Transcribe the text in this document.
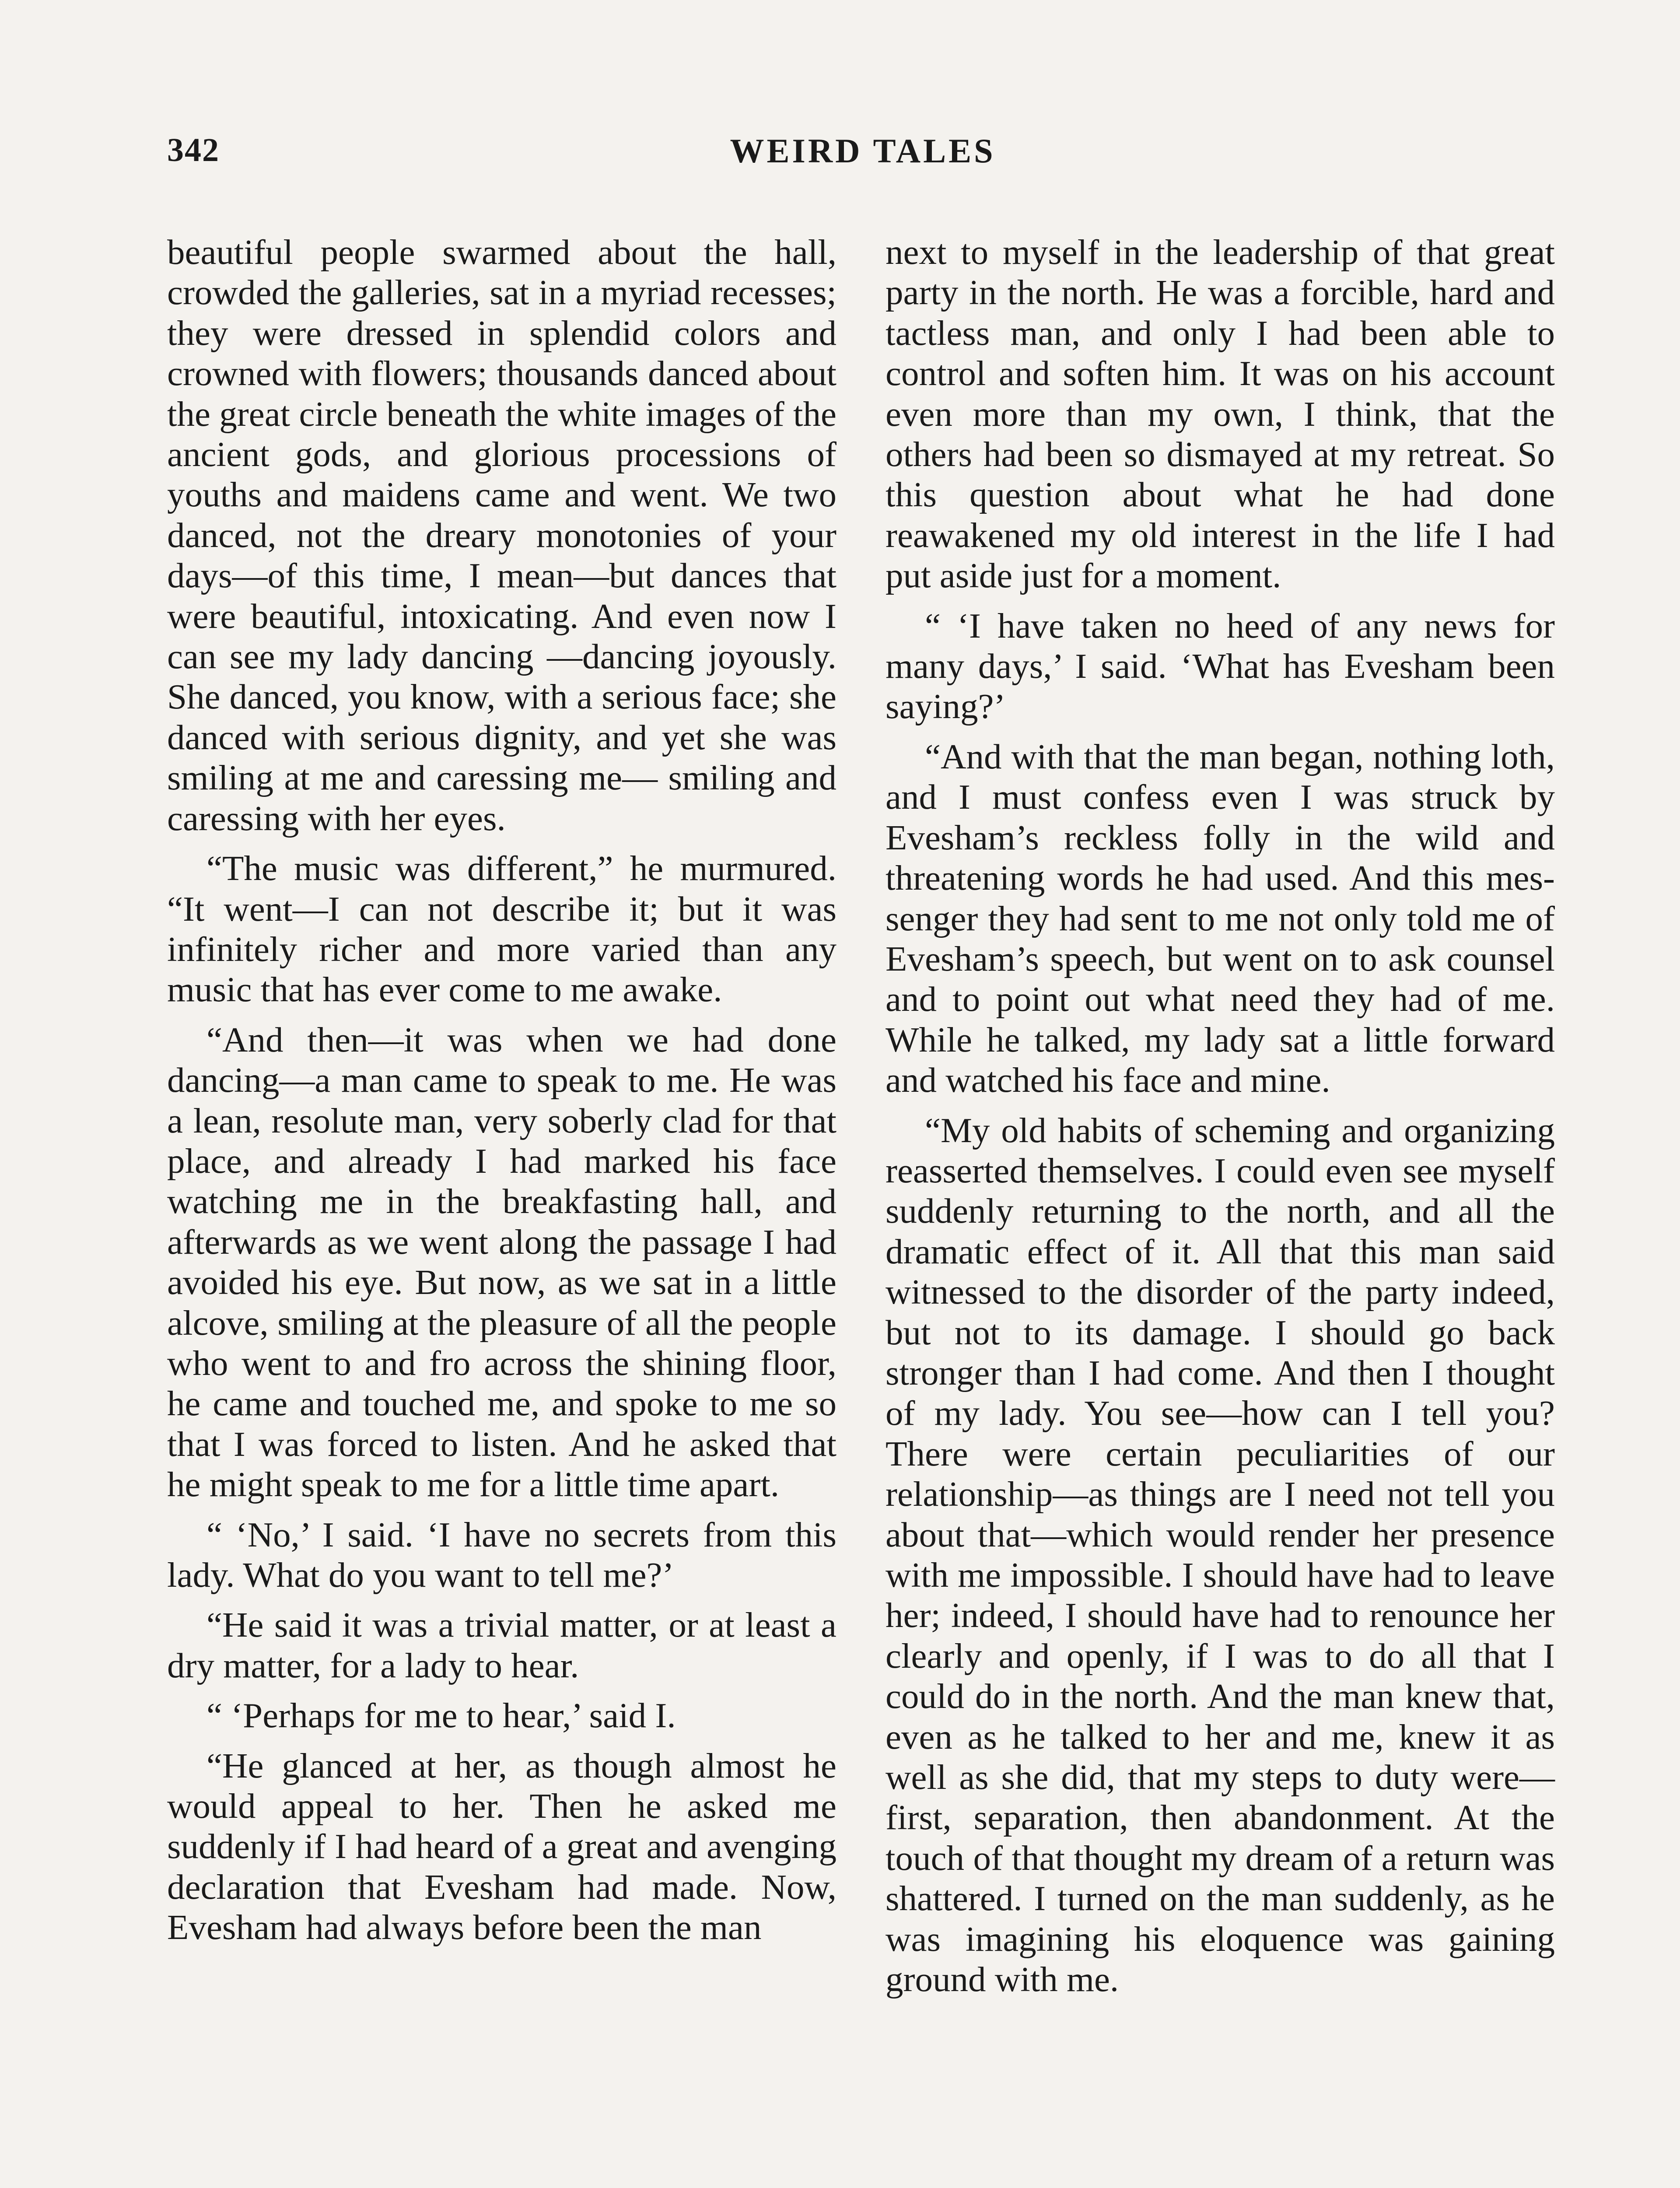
342	WEIRD TALES

beautiful people swarmed about the hall, crowded the galleries, sat in a myriad recesses; they were dressed in splendid colors and crowned with flowers; thousands danced about the great circle beneath the white images of the ancient gods, and glorious processions of youths and maidens came and went. We two danced, not the dreary monotonies of your days—of this time, I mean—but dances that were beautiful, intoxicating. And even now I can see my lady dancing —dancing joyously. She danced, you know, with a serious face; she danced with serious dignity, and yet she was smiling at me and caressing me— smiling and caressing with her eyes.

“The music was different,” he murmured. “It went—I can not describe it; but it was infinitely richer and more varied than any music that has ever come to me awake.

“And then—it was when we had done dancing—a man came to speak to me. He was a lean, resolute man, very soberly clad for that place, and already I had marked his face watching me in the breakfasting hall, and afterwards as we went along the passage I had avoided his eye. But now, as we sat in a little alcove, smiling at the pleasure of all the people who went to and fro across the shining floor, he came and touched me, and spoke to me so that I was forced to listen. And he asked that he might speak to me for a little time apart.

“ ‘No,’ I said. ‘I have no secrets from this lady. What do you want to tell me?’

“He said it was a trivial matter, or at least a dry matter, for a lady to hear.

“ ‘Perhaps for me to hear,’ said I.

“He glanced at her, as though almost he would appeal to her. Then he asked me suddenly if I had heard of a great and avenging declaration that Evesham had made. Now, Evesham had always before been the man

next to myself in the leadership of that great party in the north. He was a forcible, hard and tactless man, and only I had been able to control and soften him. It was on his account even more than my own, I think, that the others had been so dismayed at my retreat. So this question about what he had done reawakened my old interest in the life I had put aside just for a moment.

“ ‘I have taken no heed of any news for many days,’ I said. ‘What has Evesham been saying?’

“And with that the man began, nothing loth, and I must confess even I was struck by Evesham’s reckless folly in the wild and threatening words he had used. And this messenger they had sent to me not only told me of Evesham’s speech, but went on to ask counsel and to point out what need they had of me. While he talked, my lady sat a little forward and watched his face and mine.

“My old habits of scheming and organizing reasserted themselves. I could even see myself suddenly returning to the north, and all the dramatic effect of it. All that this man said witnessed to the disorder of the party indeed, but not to its damage. I should go back stronger than I had come. And then I thought of my lady. You see—how can I tell you? There were certain peculiarities of our relationship—as things are I need not tell you about that—which would render her presence with me impossible. I should have had to leave her; indeed, I should have had to renounce her clearly and openly, if I was to do all that I could do in the north. And the man knew that, even as he talked to her and me, knew it as well as she did, that my steps to duty were— first, separation, then abandonment. At the touch of that thought my dream of a return was shattered. I turned on the man suddenly, as he was imagining his eloquence was gaining ground with me.
